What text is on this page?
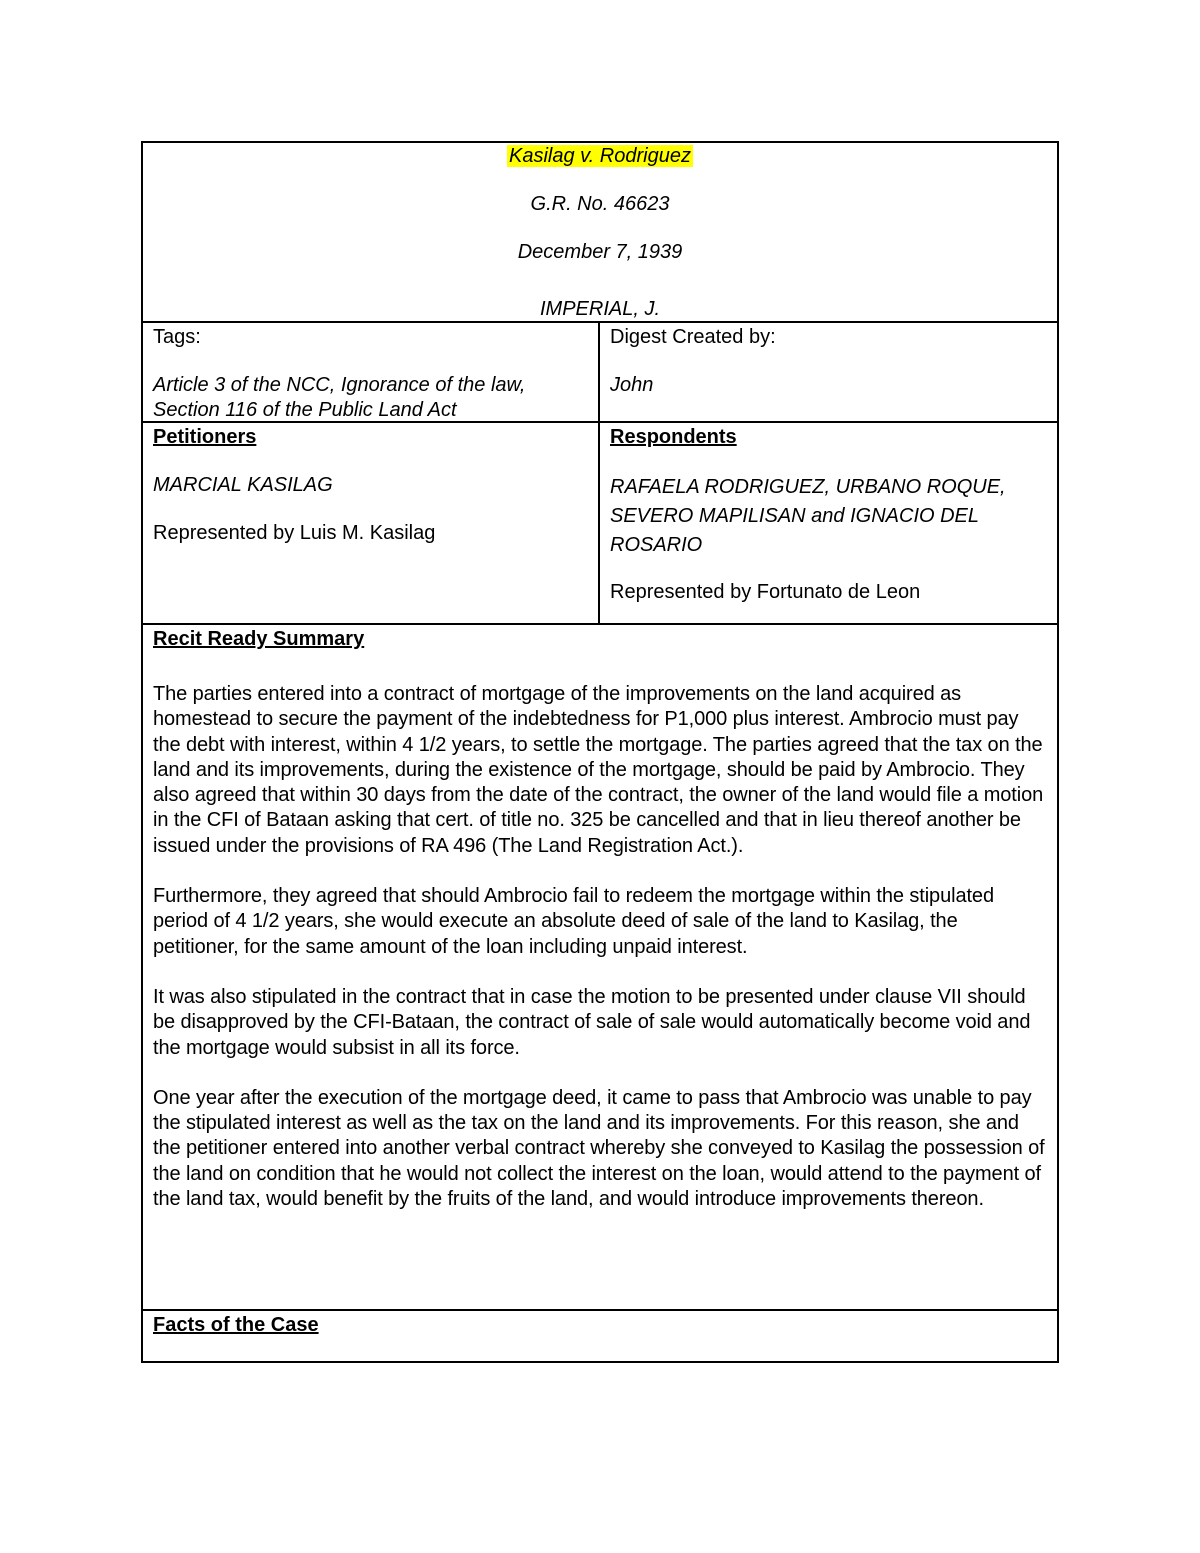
Kasilag v. Rodriguez
G.R. No. 46623
December 7, 1939
IMPERIAL, J.

Tags:

Article 3 of the NCC, Ignorance of the law,
Section 116 of the Public Land Act

Digest Created by:

John

Petitioners

MARCIAL KASILAG

Represented by Luis M. Kasilag

Respondents

RAFAELA RODRIGUEZ, URBANO ROQUE,
SEVERO MAPILISAN and IGNACIO DEL
ROSARIO

Represented by Fortunato de Leon

Recit Ready Summary

The parties entered into a contract of mortgage of the improvements on the land acquired as homestead to secure the payment of the indebtedness for P1,000 plus interest. Ambrocio must pay the debt with interest, within 4 1/2 years, to settle the mortgage. The parties agreed that the tax on the land and its improvements, during the existence of the mortgage, should be paid by Ambrocio. They also agreed that within 30 days from the date of the contract, the owner of the land would file a motion in the CFI of Bataan asking that cert. of title no. 325 be cancelled and that in lieu thereof another be issued under the provisions of RA 496 (The Land Registration Act.).

Furthermore, they agreed that should Ambrocio fail to redeem the mortgage within the stipulated period of 4 1/2 years, she would execute an absolute deed of sale of the land to Kasilag, the petitioner, for the same amount of the loan including unpaid interest.

It was also stipulated in the contract that in case the motion to be presented under clause VII should be disapproved by the CFI-Bataan, the contract of sale of sale would automatically become void and the mortgage would subsist in all its force.

One year after the execution of the mortgage deed, it came to pass that Ambrocio was unable to pay the stipulated interest as well as the tax on the land and its improvements. For this reason, she and the petitioner entered into another verbal contract whereby she conveyed to Kasilag the possession of the land on condition that he would not collect the interest on the loan, would attend to the payment of the land tax, would benefit by the fruits of the land, and would introduce improvements thereon.

Facts of the Case
